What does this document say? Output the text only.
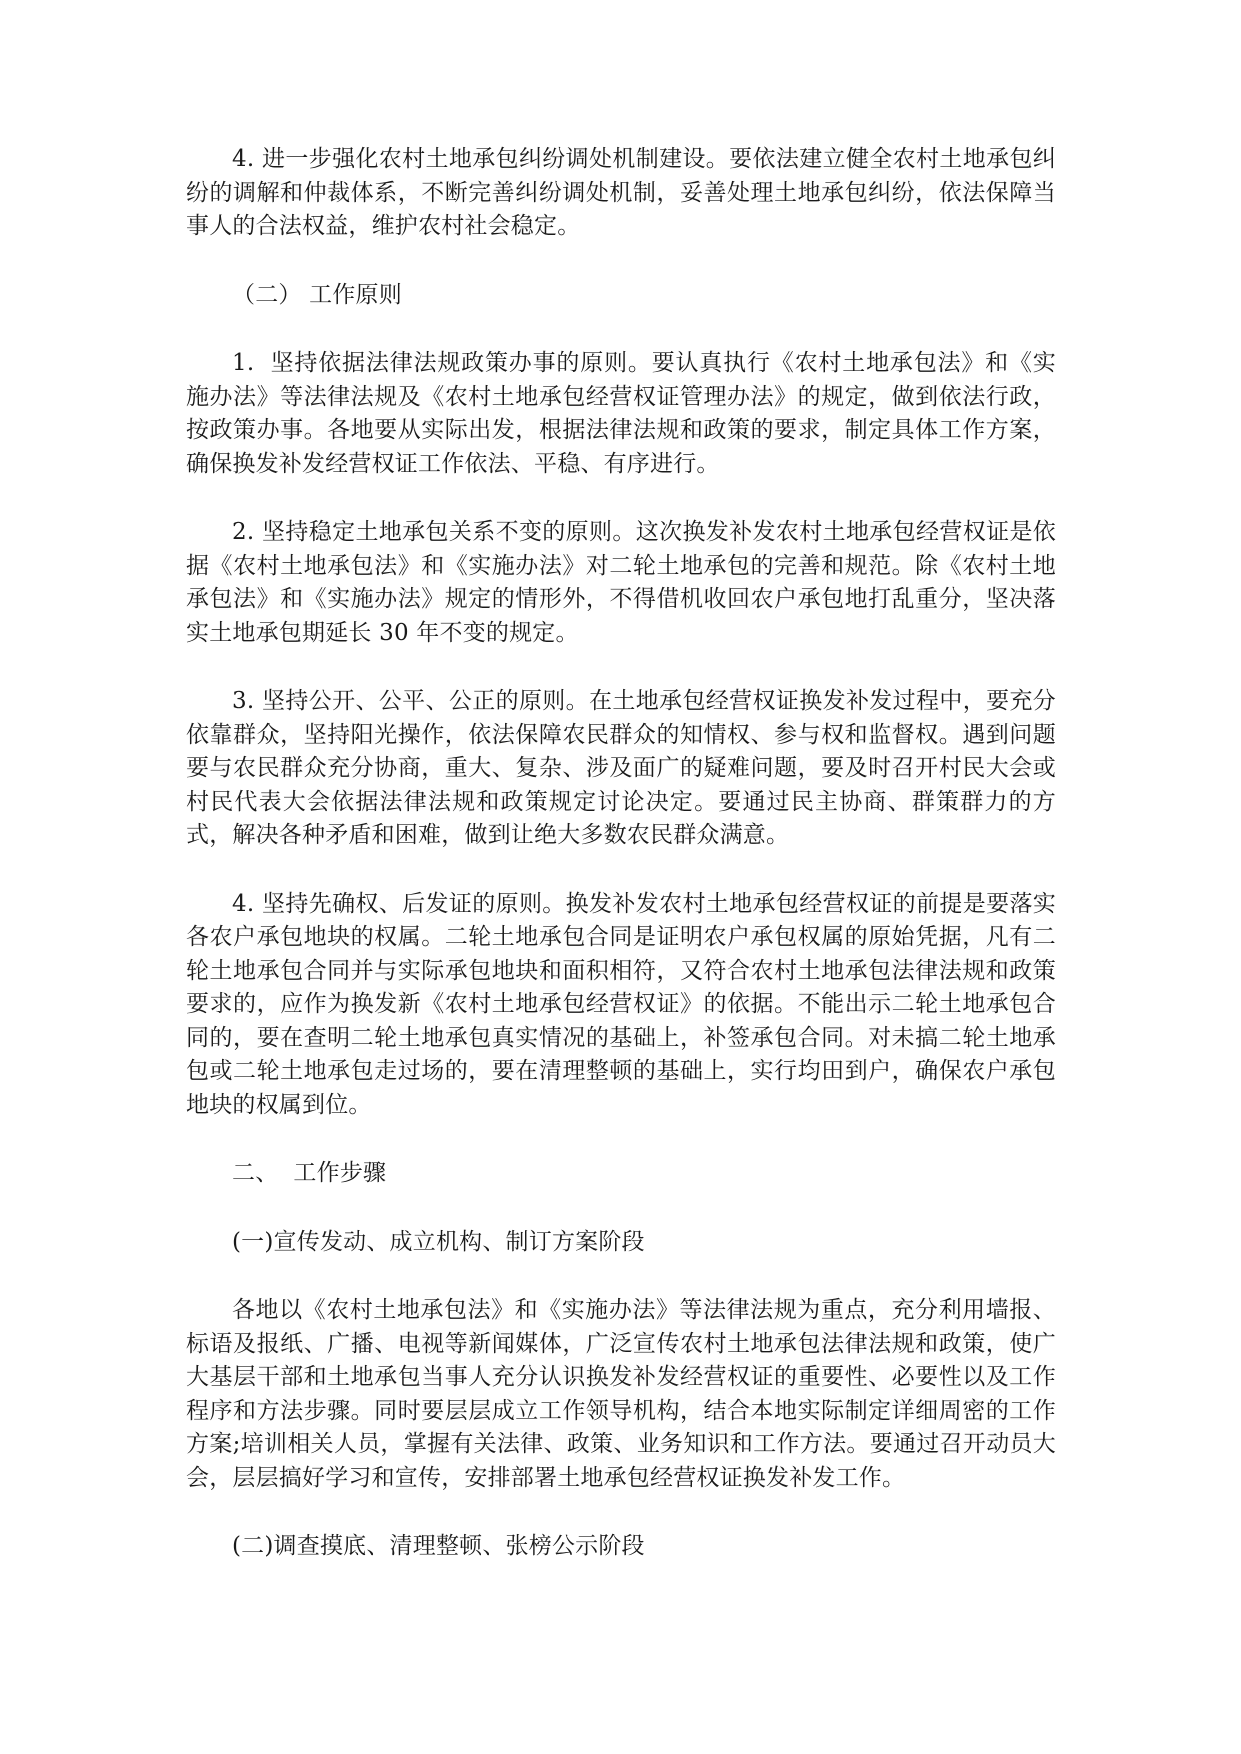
4. 进一步强化农村土地承包纠纷调处机制建设。要依法建立健全农村土地承包纠纷的调解和仲裁体系，不断完善纠纷调处机制，妥善处理土地承包纠纷，依法保障当事人的合法权益，维护农村社会稳定。

（二） 工作原则

1.  坚持依据法律法规政策办事的原则。要认真执行《农村土地承包法》和《实施办法》等法律法规及《农村土地承包经营权证管理办法》的规定，做到依法行政，按政策办事。各地要从实际出发，根据法律法规和政策的要求，制定具体工作方案，确保换发补发经营权证工作依法、平稳、有序进行。

2. 坚持稳定土地承包关系不变的原则。这次换发补发农村土地承包经营权证是依据《农村土地承包法》和《实施办法》对二轮土地承包的完善和规范。除《农村土地承包法》和《实施办法》规定的情形外，不得借机收回农户承包地打乱重分，坚决落实土地承包期延长 30 年不变的规定。

3. 坚持公开、公平、公正的原则。在土地承包经营权证换发补发过程中，要充分依靠群众，坚持阳光操作，依法保障农民群众的知情权、参与权和监督权。遇到问题要与农民群众充分协商，重大、复杂、涉及面广的疑难问题，要及时召开村民大会或村民代表大会依据法律法规和政策规定讨论决定。要通过民主协商、群策群力的方式，解决各种矛盾和困难，做到让绝大多数农民群众满意。

4. 坚持先确权、后发证的原则。换发补发农村土地承包经营权证的前提是要落实各农户承包地块的权属。二轮土地承包合同是证明农户承包权属的原始凭据，凡有二轮土地承包合同并与实际承包地块和面积相符，又符合农村土地承包法律法规和政策要求的，应作为换发新《农村土地承包经营权证》的依据。不能出示二轮土地承包合同的，要在查明二轮土地承包真实情况的基础上，补签承包合同。对未搞二轮土地承包或二轮土地承包走过场的，要在清理整顿的基础上，实行均田到户，确保农户承包地块的权属到位。

二、  工作步骤

(一)宣传发动、成立机构、制订方案阶段

各地以《农村土地承包法》和《实施办法》等法律法规为重点，充分利用墙报、标语及报纸、广播、电视等新闻媒体，广泛宣传农村土地承包法律法规和政策，使广大基层干部和土地承包当事人充分认识换发补发经营权证的重要性、必要性以及工作程序和方法步骤。同时要层层成立工作领导机构，结合本地实际制定详细周密的工作方案;培训相关人员，掌握有关法律、政策、业务知识和工作方法。要通过召开动员大会，层层搞好学习和宣传，安排部署土地承包经营权证换发补发工作。

(二)调查摸底、清理整顿、张榜公示阶段
